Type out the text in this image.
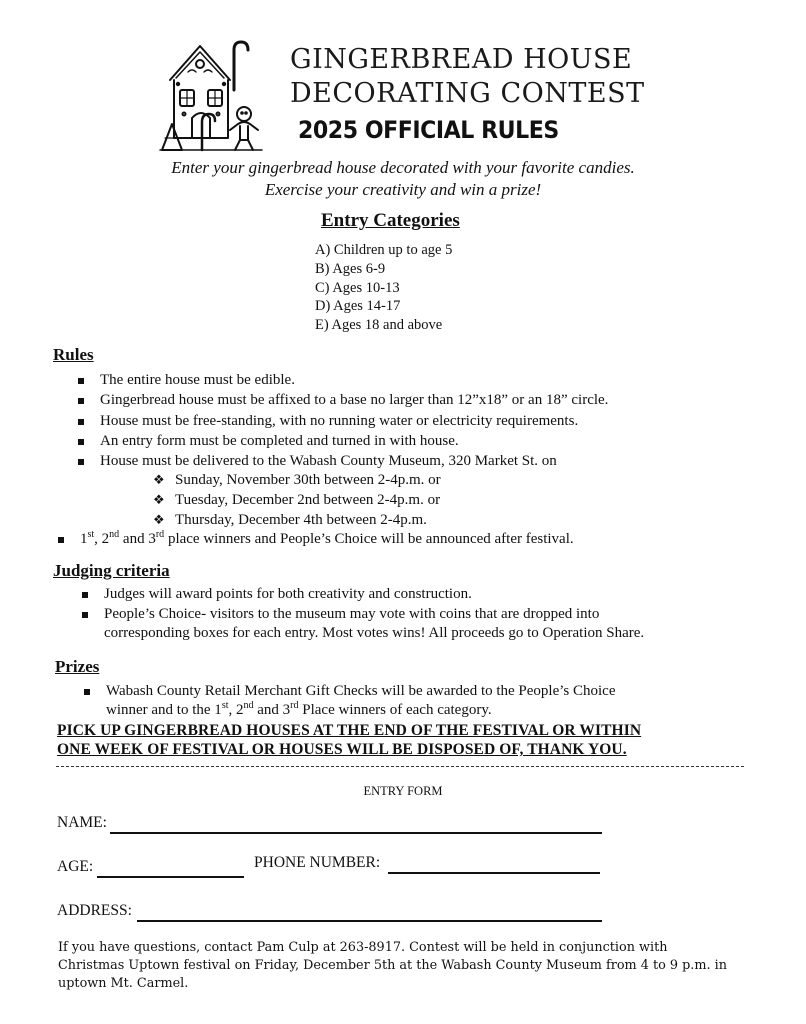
GINGERBREAD HOUSE
DECORATING CONTEST
2025 OFFICIAL RULES
Enter your gingerbread house decorated with your favorite candies.
Exercise your creativity and win a prize!
Entry Categories
A) Children up to age 5
B) Ages 6-9
C) Ages 10-13
D) Ages 14-17
E) Ages 18 and above
Rules
The entire house must be edible.
Gingerbread house must be affixed to a base no larger than 12”x18” or an 18” circle.
House must be free-standing, with no running water or electricity requirements.
An entry form must be completed and turned in with house.
House must be delivered to the Wabash County Museum, 320 Market St. on
❖ Sunday, November 30th between 2-4p.m. or
❖ Tuesday, December 2nd between 2-4p.m. or
❖ Thursday, December 4th between 2-4p.m.
1st, 2nd and 3rd place winners and People’s Choice will be announced after festival.
Judging criteria
Judges will award points for both creativity and construction.
People’s Choice- visitors to the museum may vote with coins that are dropped into
corresponding boxes for each entry. Most votes wins! All proceeds go to Operation Share.
Prizes
Wabash County Retail Merchant Gift Checks will be awarded to the People’s Choice
winner and to the 1st, 2nd and 3rd Place winners of each category.
PICK UP GINGERBREAD HOUSES AT THE END OF THE FESTIVAL OR WITHIN
ONE WEEK OF FESTIVAL OR HOUSES WILL BE DISPOSED OF, THANK YOU.
ENTRY FORM
NAME:
AGE:	PHONE NUMBER:
ADDRESS:
If you have questions, contact Pam Culp at 263-8917. Contest will be held in conjunction with
Christmas Uptown festival on Friday, December 5th at the Wabash County Museum from 4 to 9 p.m. in
uptown Mt. Carmel.
